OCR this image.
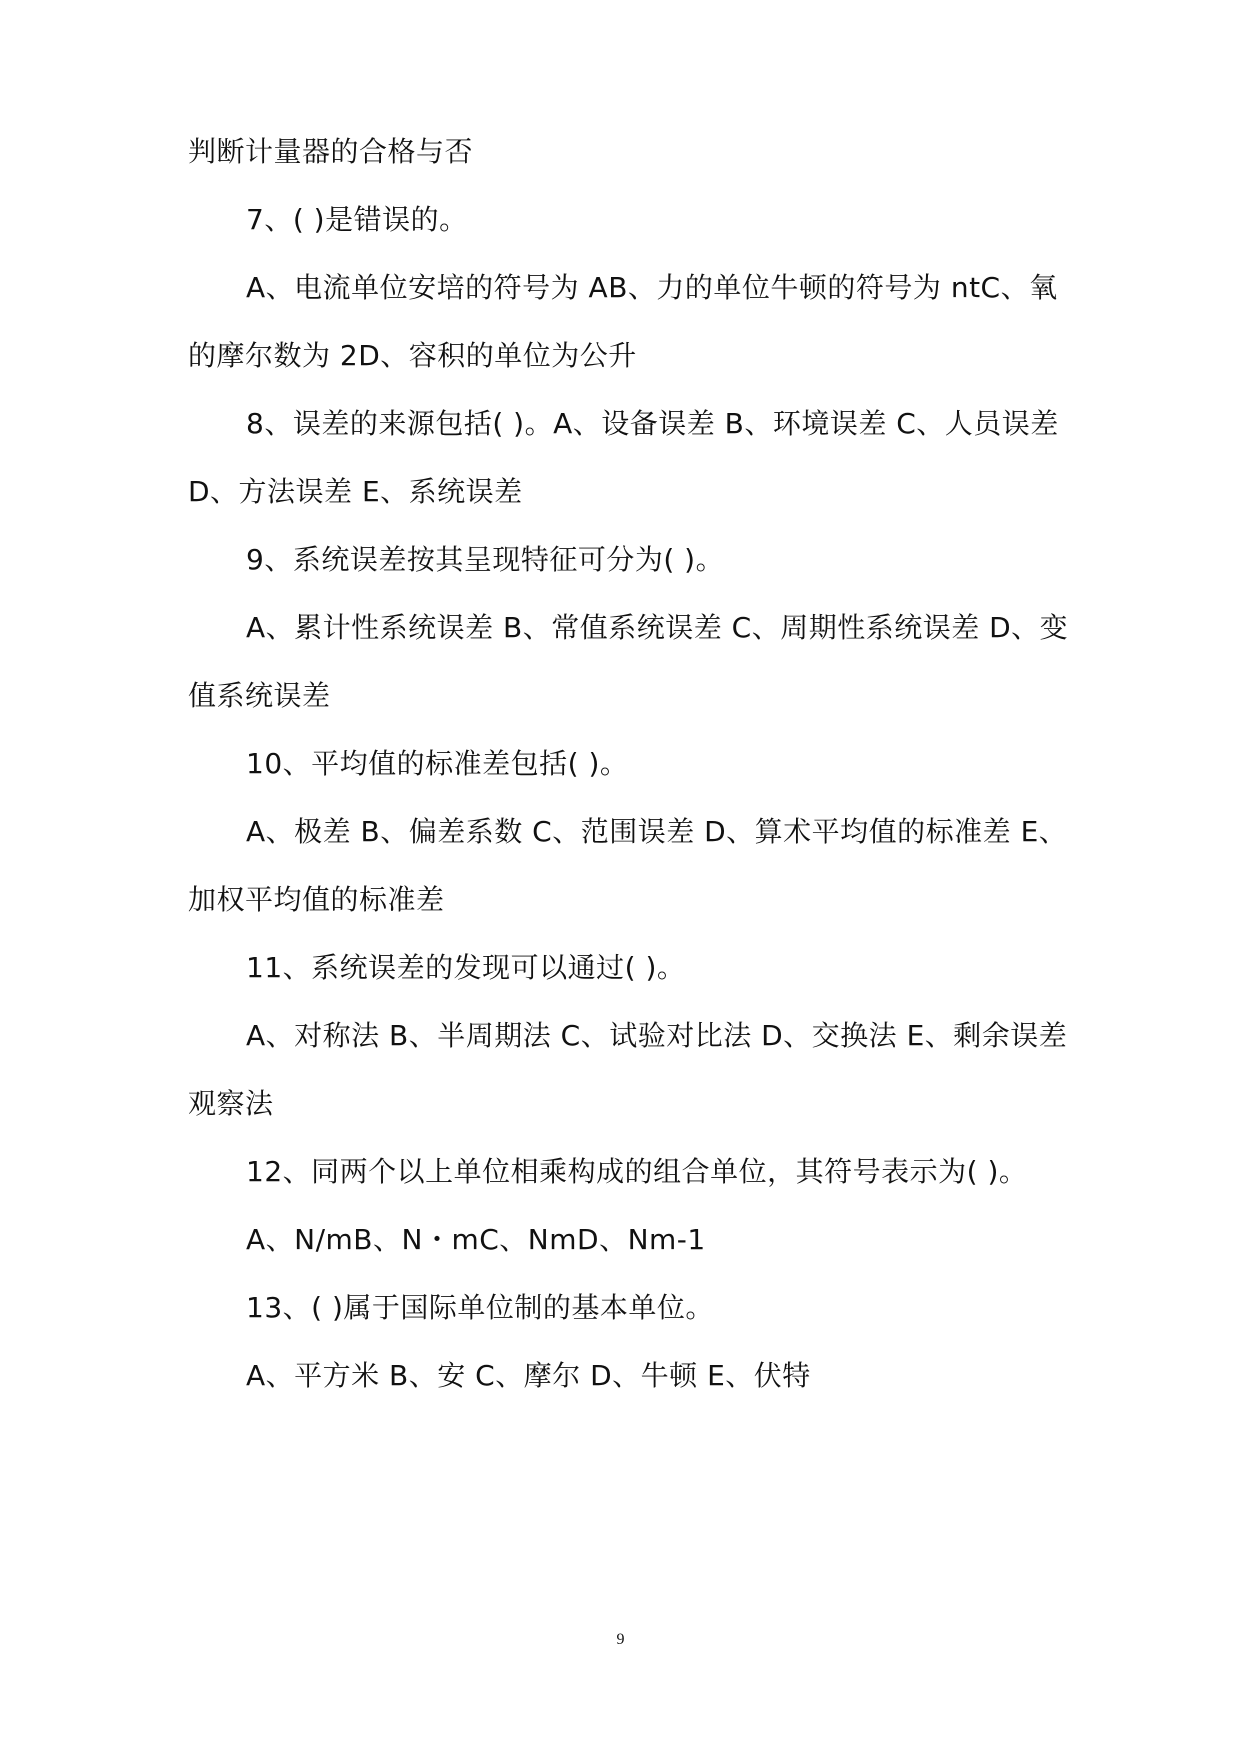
判断计量器的合格与否
7、( )是错误的。
A、电流单位安培的符号为 AB、力的单位牛顿的符号为 ntC、氧
的摩尔数为 2D、容积的单位为公升
8、误差的来源包括( )。A、设备误差 B、环境误差 C、人员误差
D、方法误差 E、系统误差
9、系统误差按其呈现特征可分为( )。
A、累计性系统误差 B、常值系统误差 C、周期性系统误差 D、变
值系统误差
10、平均值的标准差包括( )。
A、极差 B、偏差系数 C、范围误差 D、算术平均值的标准差 E、
加权平均值的标准差
11、系统误差的发现可以通过( )。
A、对称法 B、半周期法 C、试验对比法 D、交换法 E、剩余误差
观察法
12、同两个以上单位相乘构成的组合单位，其符号表示为( )。
A、N/mB、N・mC、NmD、Nm-1
13、( )属于国际单位制的基本单位。
A、平方米 B、安 C、摩尔 D、牛顿 E、伏特
9
